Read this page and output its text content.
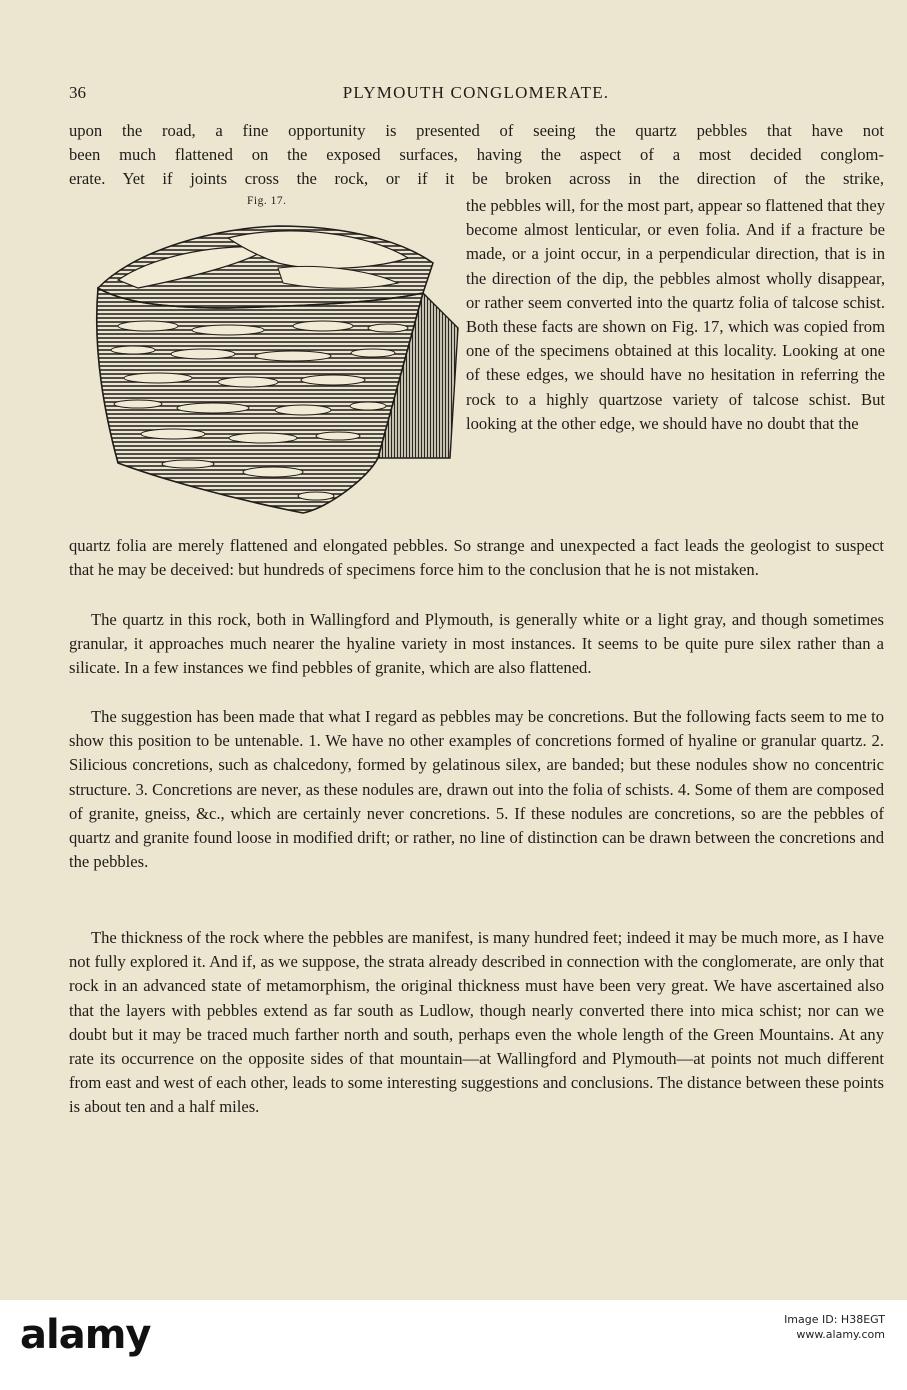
36	PLYMOUTH CONGLOMERATE.
upon the road, a fine opportunity is presented of seeing the quartz pebbles that have not
been much flattened on the exposed surfaces, having the aspect of a most decided conglom-
erate. Yet if joints cross the rock, or if it be broken across in the direction of the strike,
Fig. 17.	the pebbles will, for the most part, appear so flattened that they become almost lenticular, or even folia. And if a fracture be made, or a joint occur, in a perpendicular direction, that is in the direction of the dip, the pebbles almost wholly disappear, or rather seem converted into the quartz folia of talcose schist. Both these facts are shown on Fig. 17, which was copied from one of the specimens obtained at this locality. Looking at one of these edges, we should have no hesitation in referring the rock to a highly quartzose variety of talcose schist. But looking at the other edge, we should have no doubt that the
quartz folia are merely flattened and elongated pebbles. So strange and unexpected a fact leads the geologist to suspect that he may be deceived: but hundreds of specimens force him to the conclusion that he is not mistaken.
The quartz in this rock, both in Wallingford and Plymouth, is generally white or a light gray, and though sometimes granular, it approaches much nearer the hyaline variety in most instances. It seems to be quite pure silex rather than a silicate. In a few instances we find pebbles of granite, which are also flattened.
The suggestion has been made that what I regard as pebbles may be concretions. But the following facts seem to me to show this position to be untenable. 1. We have no other examples of concretions formed of hyaline or granular quartz. 2. Silicious concretions, such as chalcedony, formed by gelatinous silex, are banded; but these nodules show no concentric structure. 3. Concretions are never, as these nodules are, drawn out into the folia of schists. 4. Some of them are composed of granite, gneiss, &c., which are certainly never concretions. 5. If these nodules are concretions, so are the pebbles of quartz and granite found loose in modified drift; or rather, no line of distinction can be drawn between the concretions and the pebbles.
The thickness of the rock where the pebbles are manifest, is many hundred feet; indeed it may be much more, as I have not fully explored it. And if, as we suppose, the strata already described in connection with the conglomerate, are only that rock in an advanced state of metamorphism, the original thickness must have been very great. We have ascertained also that the layers with pebbles extend as far south as Ludlow, though nearly converted there into mica schist; nor can we doubt but it may be traced much farther north and south, perhaps even the whole length of the Green Mountains. At any rate its occurrence on the opposite sides of that mountain—at Wallingford and Plymouth—at points not much different from east and west of each other, leads to some interesting suggestions and conclusions. The distance between these points is about ten and a half miles.
alamy	Image ID: H38EGT
www.alamy.com
